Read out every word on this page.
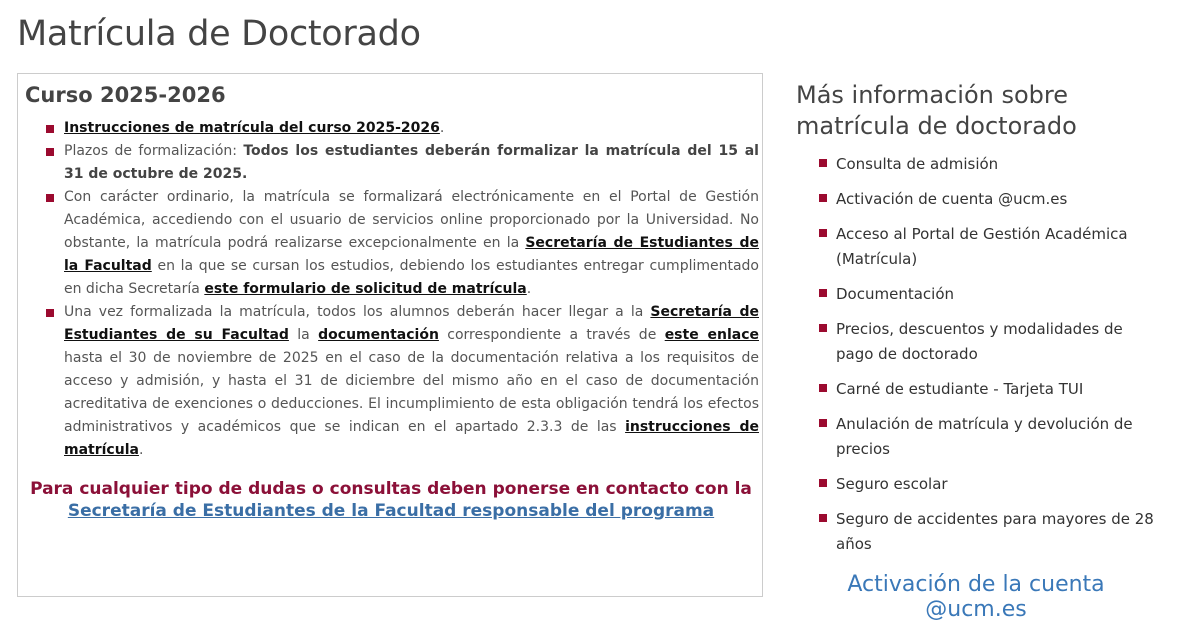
Matrícula de Doctorado
Curso 2025-2026
Instrucciones de matrícula del curso 2025-2026.
Plazos de formalización: Todos los estudiantes deberán formalizar la matrícula del 15 al 31 de octubre de 2025.
Con carácter ordinario, la matrícula se formalizará electrónicamente en el Portal de Gestión Académica, accediendo con el usuario de servicios online proporcionado por la Universidad. No obstante, la matrícula podrá realizarse excepcionalmente en la Secretaría de Estudiantes de la Facultad en la que se cursan los estudios, debiendo los estudiantes entregar cumplimentado en dicha Secretaría este formulario de solicitud de matrícula.
Una vez formalizada la matrícula, todos los alumnos deberán hacer llegar a la Secretaría de Estudiantes de su Facultad la documentación correspondiente a través de este enlace hasta el 30 de noviembre de 2025 en el caso de la documentación relativa a los requisitos de acceso y admisión, y hasta el 31 de diciembre del mismo año en el caso de documentación acreditativa de exenciones o deducciones. El incumplimiento de esta obligación tendrá los efectos administrativos y académicos que se indican en el apartado 2.3.3 de las instrucciones de matrícula.
Para cualquier tipo de dudas o consultas deben ponerse en contacto con la
Secretaría de Estudiantes de la Facultad responsable del programa
Más información sobre matrícula de doctorado
Consulta de admisión
Activación de cuenta @ucm.es
Acceso al Portal de Gestión Académica (Matrícula)
Documentación
Precios, descuentos y modalidades de pago de doctorado
Carné de estudiante - Tarjeta TUI
Anulación de matrícula y devolución de precios
Seguro escolar
Seguro de accidentes para mayores de 28 años
Activación de la cuenta @ucm.es
